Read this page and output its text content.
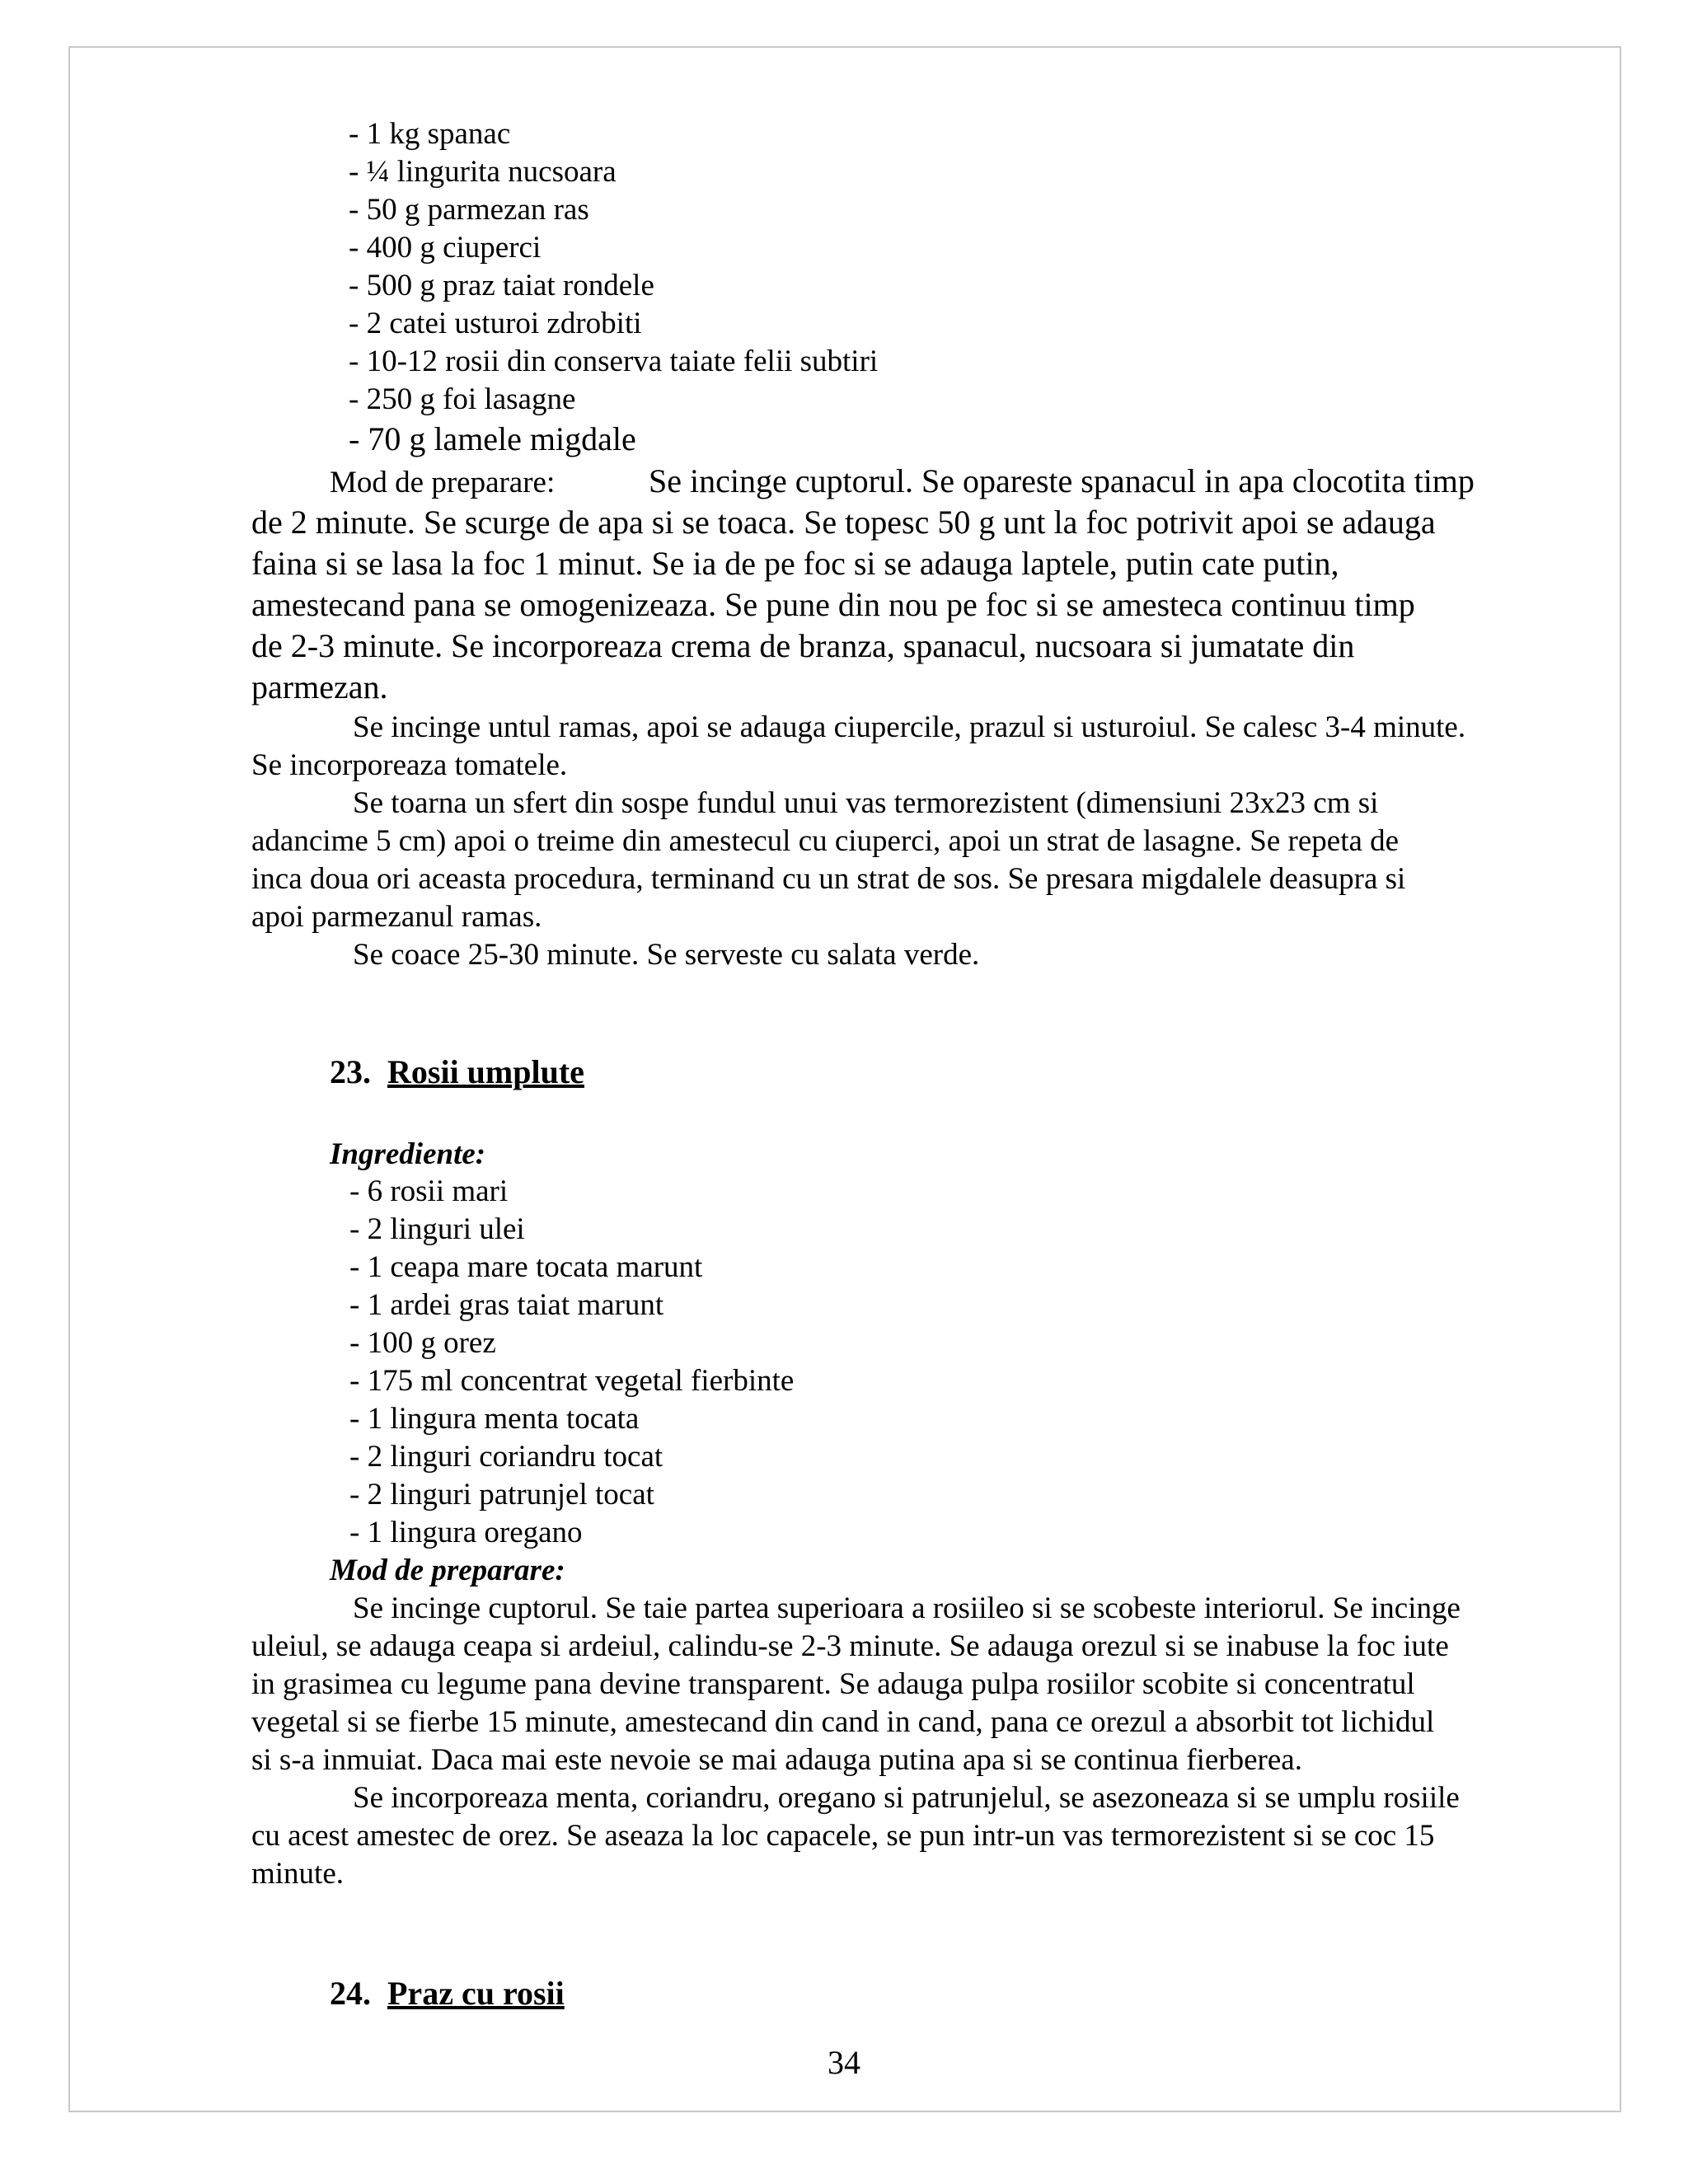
- 1 kg spanac
- ¼ lingurita nucsoara
- 50 g parmezan ras
- 400 g ciuperci
- 500 g praz taiat rondele
- 2 catei usturoi zdrobiti
- 10-12 rosii din conserva taiate felii subtiri
- 250 g foi lasagne
- 70 g lamele migdale
Mod de preparare:	Se incinge cuptorul. Se opareste spanacul in apa clocotita timp
de 2 minute. Se scurge de apa si se toaca. Se topesc 50 g unt la foc potrivit apoi se adauga
faina si se lasa la foc 1 minut. Se ia de pe foc si se adauga laptele, putin cate putin,
amestecand pana se omogenizeaza. Se pune din nou pe foc si se amesteca continuu timp
de 2-3 minute. Se incorporeaza crema de branza, spanacul, nucsoara si jumatate din
parmezan.
Se incinge untul ramas, apoi se adauga ciupercile, prazul si usturoiul. Se calesc 3-4 minute.
Se incorporeaza tomatele.
Se toarna un sfert din sospe fundul unui vas termorezistent (dimensiuni 23x23 cm si
adancime 5 cm) apoi o treime din amestecul cu ciuperci, apoi un strat de lasagne. Se repeta de
inca doua ori aceasta procedura, terminand cu un strat de sos. Se presara migdalele deasupra si
apoi parmezanul ramas.
Se coace 25-30 minute. Se serveste cu salata verde.
23. Rosii umplute
Ingrediente:
- 6 rosii mari
- 2 linguri ulei
- 1 ceapa mare tocata marunt
- 1 ardei gras taiat marunt
- 100 g orez
- 175 ml concentrat vegetal fierbinte
- 1 lingura menta tocata
- 2 linguri coriandru tocat
- 2 linguri patrunjel tocat
- 1 lingura oregano
Mod de preparare:
Se incinge cuptorul. Se taie partea superioara a rosiileo si se scobeste interiorul. Se incinge
uleiul, se adauga ceapa si ardeiul, calindu-se 2-3 minute. Se adauga orezul si se inabuse la foc iute
in grasimea cu legume pana devine transparent. Se adauga pulpa rosiilor scobite si concentratul
vegetal si se fierbe 15 minute, amestecand din cand in cand, pana ce orezul a absorbit tot lichidul
si s-a inmuiat. Daca mai este nevoie se mai adauga putina apa si se continua fierberea.
Se incorporeaza menta, coriandru, oregano si patrunjelul, se asezoneaza si se umplu rosiile
cu acest amestec de orez. Se aseaza la loc capacele, se pun intr-un vas termorezistent si se coc 15
minute.
24. Praz cu rosii
34
